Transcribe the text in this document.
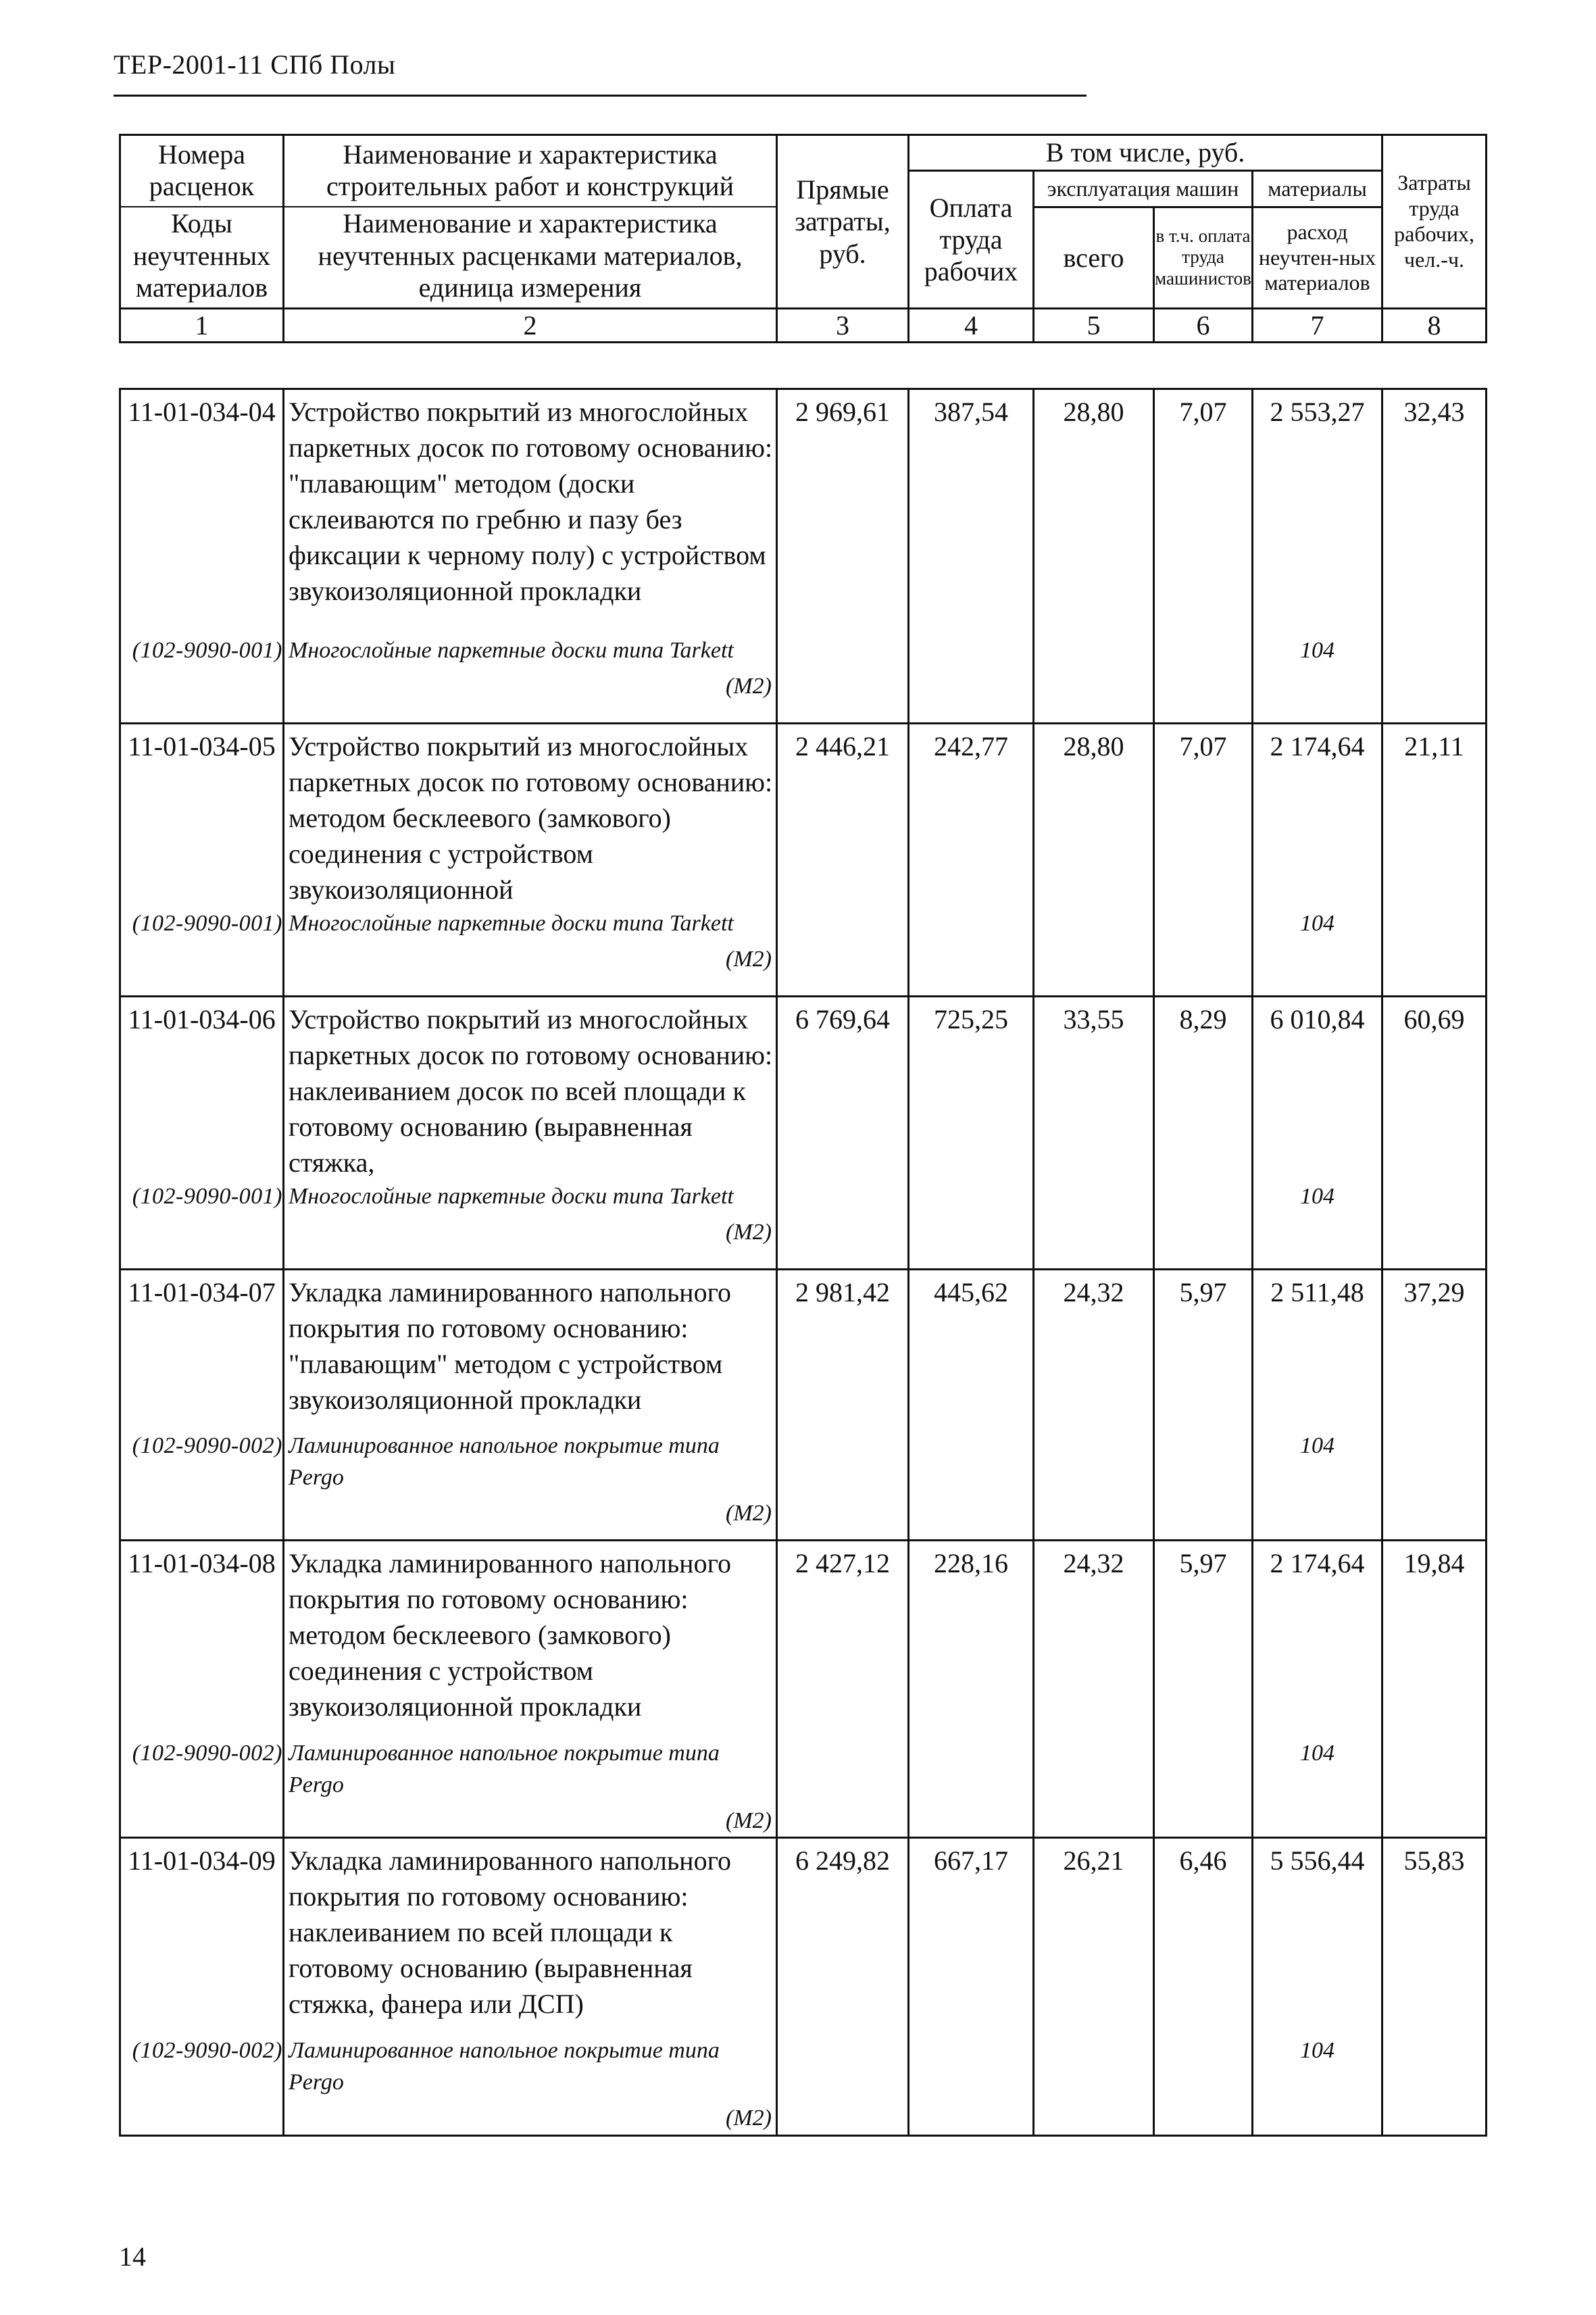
ТЕР-2001-11 СПб Полы
Номера расценок	Наименование и характеристика строительных работ и конструкций	Прямые затраты, руб.	В том числе, руб.				Затраты труда рабочих, чел.-ч.	
			Оплата труда рабочих	эксплуатация машин		материалы		
Коды неучтенных материалов	Наименование и характеристика неучтенных расценками материалов, единица измерения			всего	в т.ч. оплата труда машинистов	расход неучтен-ных материалов		

1	2	3	4	5	6	7	8	
11-01-034-04	Устройство покрытий из многослойных паркетных досок по готовому основанию: "плавающим" методом (доски склеиваются по гребню и пазу без фиксации к черному полу) с устройством звукоизоляционной прокладки	2 969,61	387,54	28,80	7,07	2 553,27	32,43
(102-9090-001)	Многослойные паркетные доски типа Tarkett
(М2)					104	
11-01-034-05	Устройство покрытий из многослойных паркетных досок по готовому основанию: методом бесклеевого (замкового) соединения с устройством звукоизоляционной	2 446,21	242,77	28,80	7,07	2 174,64	21,11
(102-9090-001)	Многослойные паркетные доски типа Tarkett
(М2)					104	
11-01-034-06	Устройство покрытий из многослойных паркетных досок по готовому основанию: наклеиванием досок по всей площади к готовому основанию (выравненная стяжка,	6 769,64	725,25	33,55	8,29	6 010,84	60,69
(102-9090-001)	Многослойные паркетные доски типа Tarkett
(М2)					104	
11-01-034-07	Укладка ламинированного напольного покрытия по готовому основанию: "плавающим" методом с устройством звукоизоляционной прокладки	2 981,42	445,62	24,32	5,97	2 511,48	37,29
(102-9090-002)	Ламинированное напольное покрытие типа Pergo
(М2)					104	
11-01-034-08	Укладка ламинированного напольного покрытия по готовому основанию: методом бесклеевого (замкового) соединения с устройством звукоизоляционной прокладки	2 427,12	228,16	24,32	5,97	2 174,64	19,84
(102-9090-002)	Ламинированное напольное покрытие типа Pergo
(М2)					104	
11-01-034-09	Укладка ламинированного напольного покрытия по готовому основанию: наклеиванием по всей площади к готовому основанию (выравненная стяжка, фанера или ДСП)	6 249,82	667,17	26,21	6,46	5 556,44	55,83
(102-9090-002)	Ламинированное напольное покрытие типа Pergo
(М2)					104	
14
